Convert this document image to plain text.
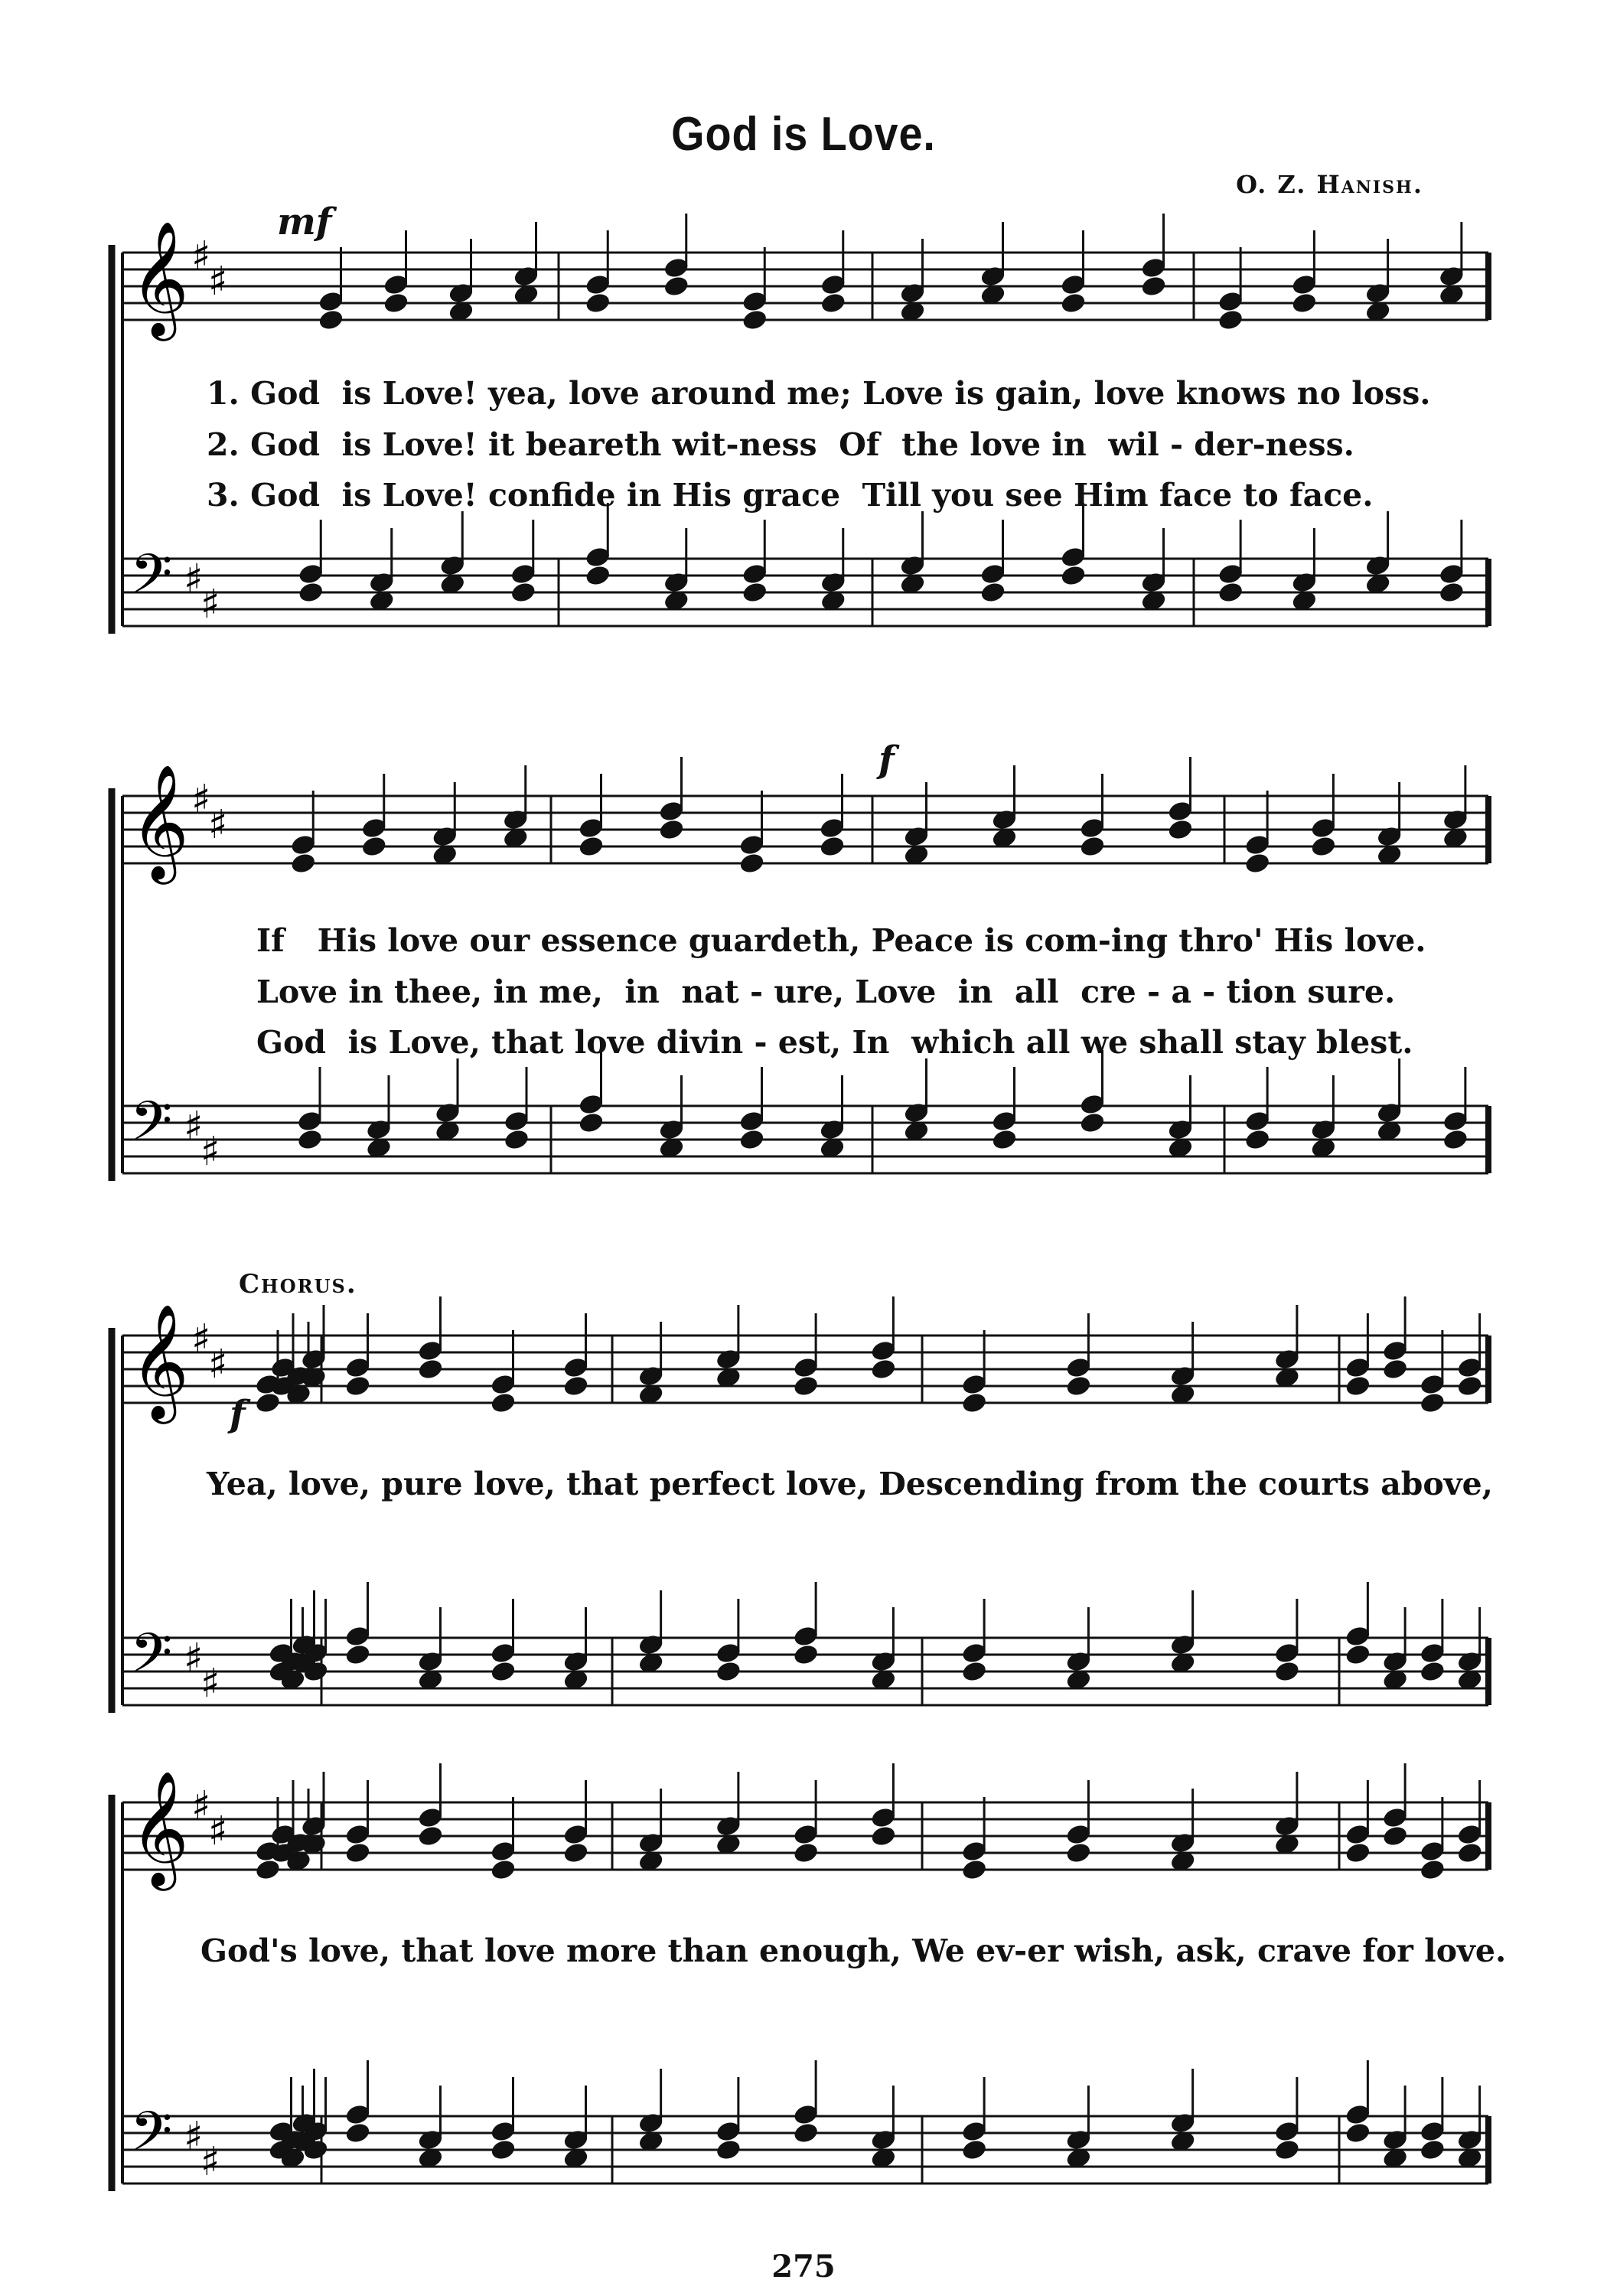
God is Love.
O. Z. Hanish.
mf
f
Chorus.
f
𝄞 ♯
♯
𝄢 ♯
♯
𝄞 ♯
♯
𝄢 ♯
♯
𝄞 ♯
♯
𝄢 ♯
♯
𝄞 ♯
♯
𝄢 ♯
♯
1. God  is Love! yea, love around me; Love is gain, love knows no loss.
2. God  is Love! it beareth wit-ness  Of  the love in  wil - der-ness.
3. God  is Love! confide in His grace  Till you see Him face to face.
If   His love our essence guardeth, Peace is com-ing thro' His love.
Love in thee, in me,  in  nat - ure, Love  in  all  cre - a - tion sure.
God  is Love, that love divin - est, In  which all we shall stay blest.
Yea, love, pure love, that perfect love, Descending from the courts above,
God's love, that love more than enough, We ev-er wish, ask, crave for love.
275
